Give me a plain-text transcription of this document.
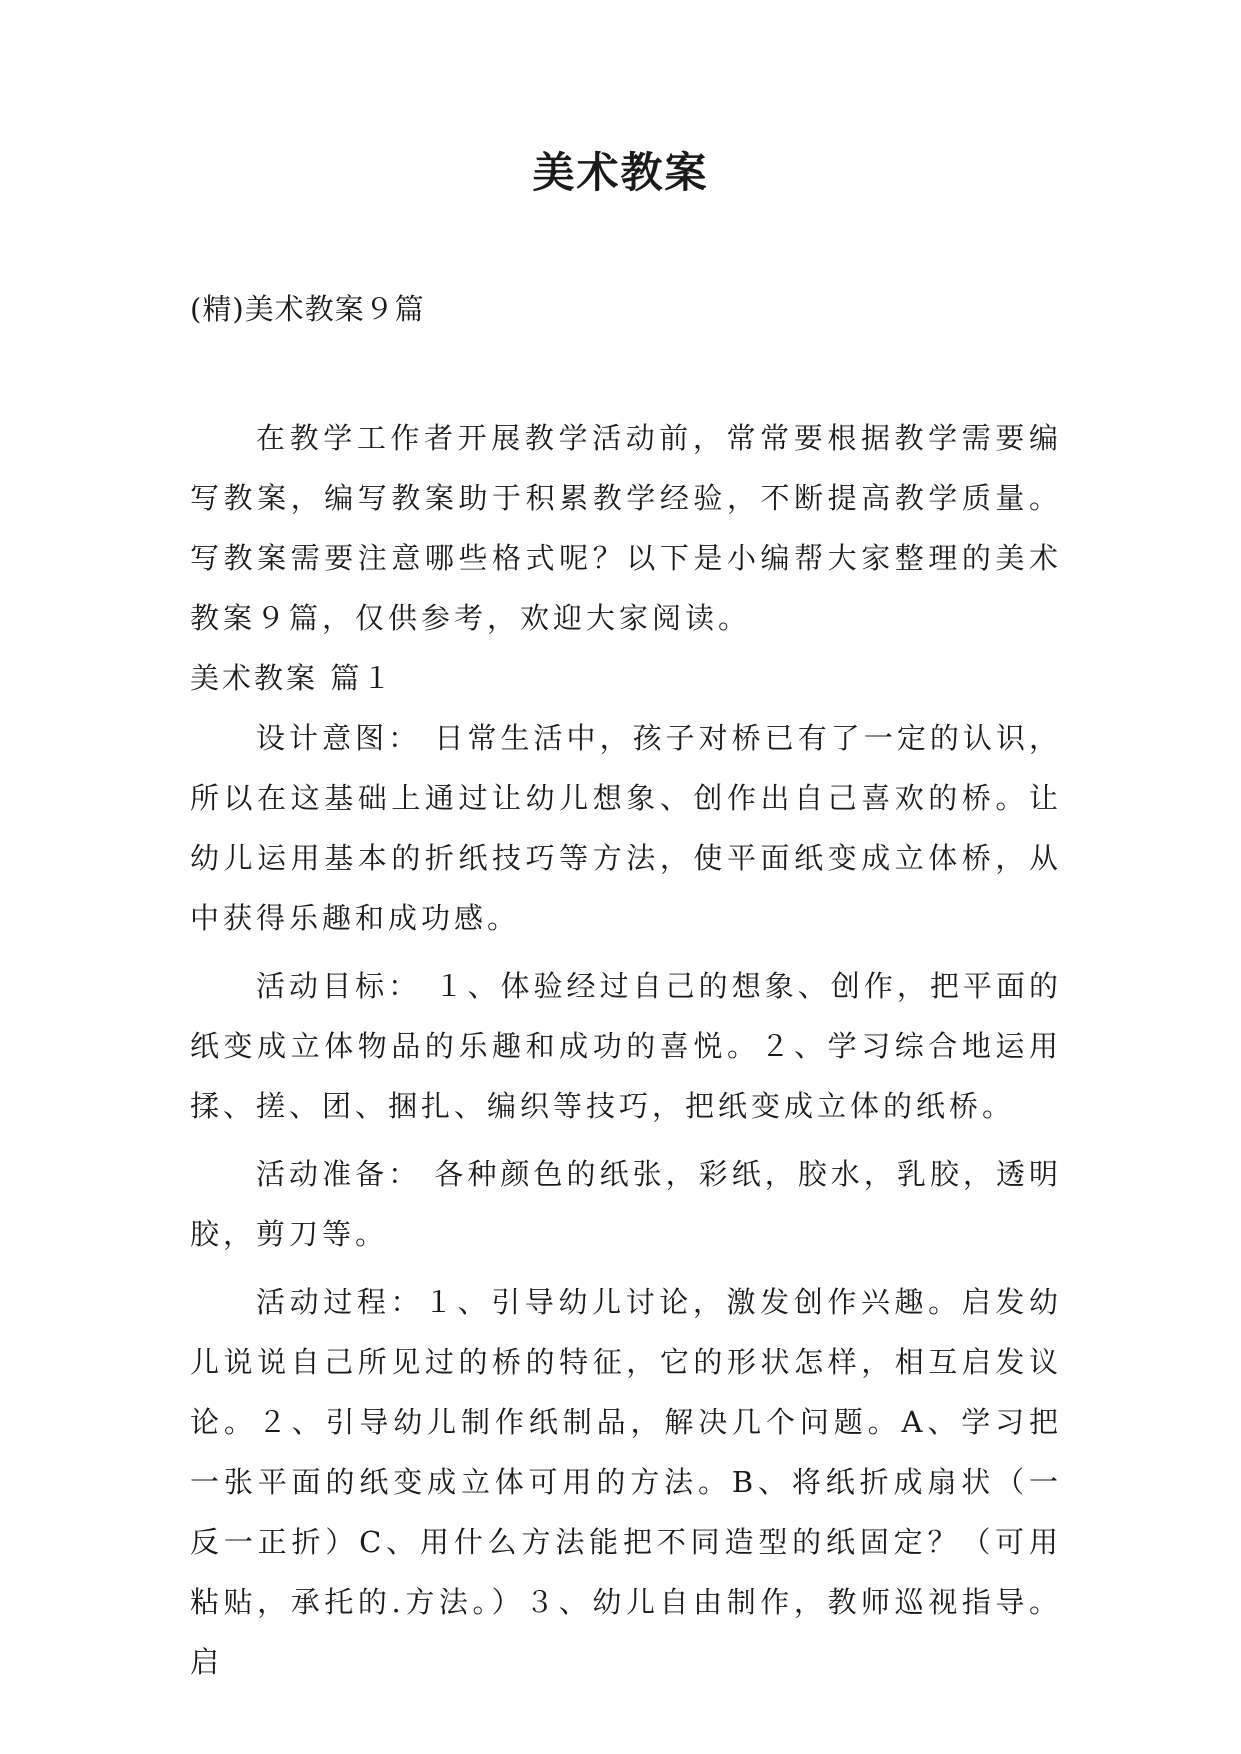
美术教案
(精)美术教案９篇

在教学工作者开展教学活动前，常常要根据教学需要编写教案，编写教案助于积累教学经验，不断提高教学质量。写教案需要注意哪些格式呢？以下是小编帮大家整理的美术教案９篇，仅供参考，欢迎大家阅读。

美术教案 篇１

设计意图： 日常生活中，孩子对桥已有了一定的认识，所以在这基础上通过让幼儿想象、创作出自己喜欢的桥。让幼儿运用基本的折纸技巧等方法，使平面纸变成立体桥，从中获得乐趣和成功感。

活动目标： １、体验经过自己的想象、创作，把平面的纸变成立体物品的乐趣和成功的喜悦。２、学习综合地运用揉、搓、团、捆扎、编织等技巧，把纸变成立体的纸桥。

活动准备： 各种颜色的纸张，彩纸，胶水，乳胶，透明胶，剪刀等。

活动过程：１、引导幼儿讨论，激发创作兴趣。启发幼儿说说自己所见过的桥的特征，它的形状怎样，相互启发议论。２、引导幼儿制作纸制品，解决几个问题。A、学习把一张平面的纸变成立体可用的方法。B、将纸折成扇状（一反一正折）C、用什么方法能把不同造型的纸固定？（可用粘贴，承托的.方法。）３、幼儿自由制作，教师巡视指导。启
